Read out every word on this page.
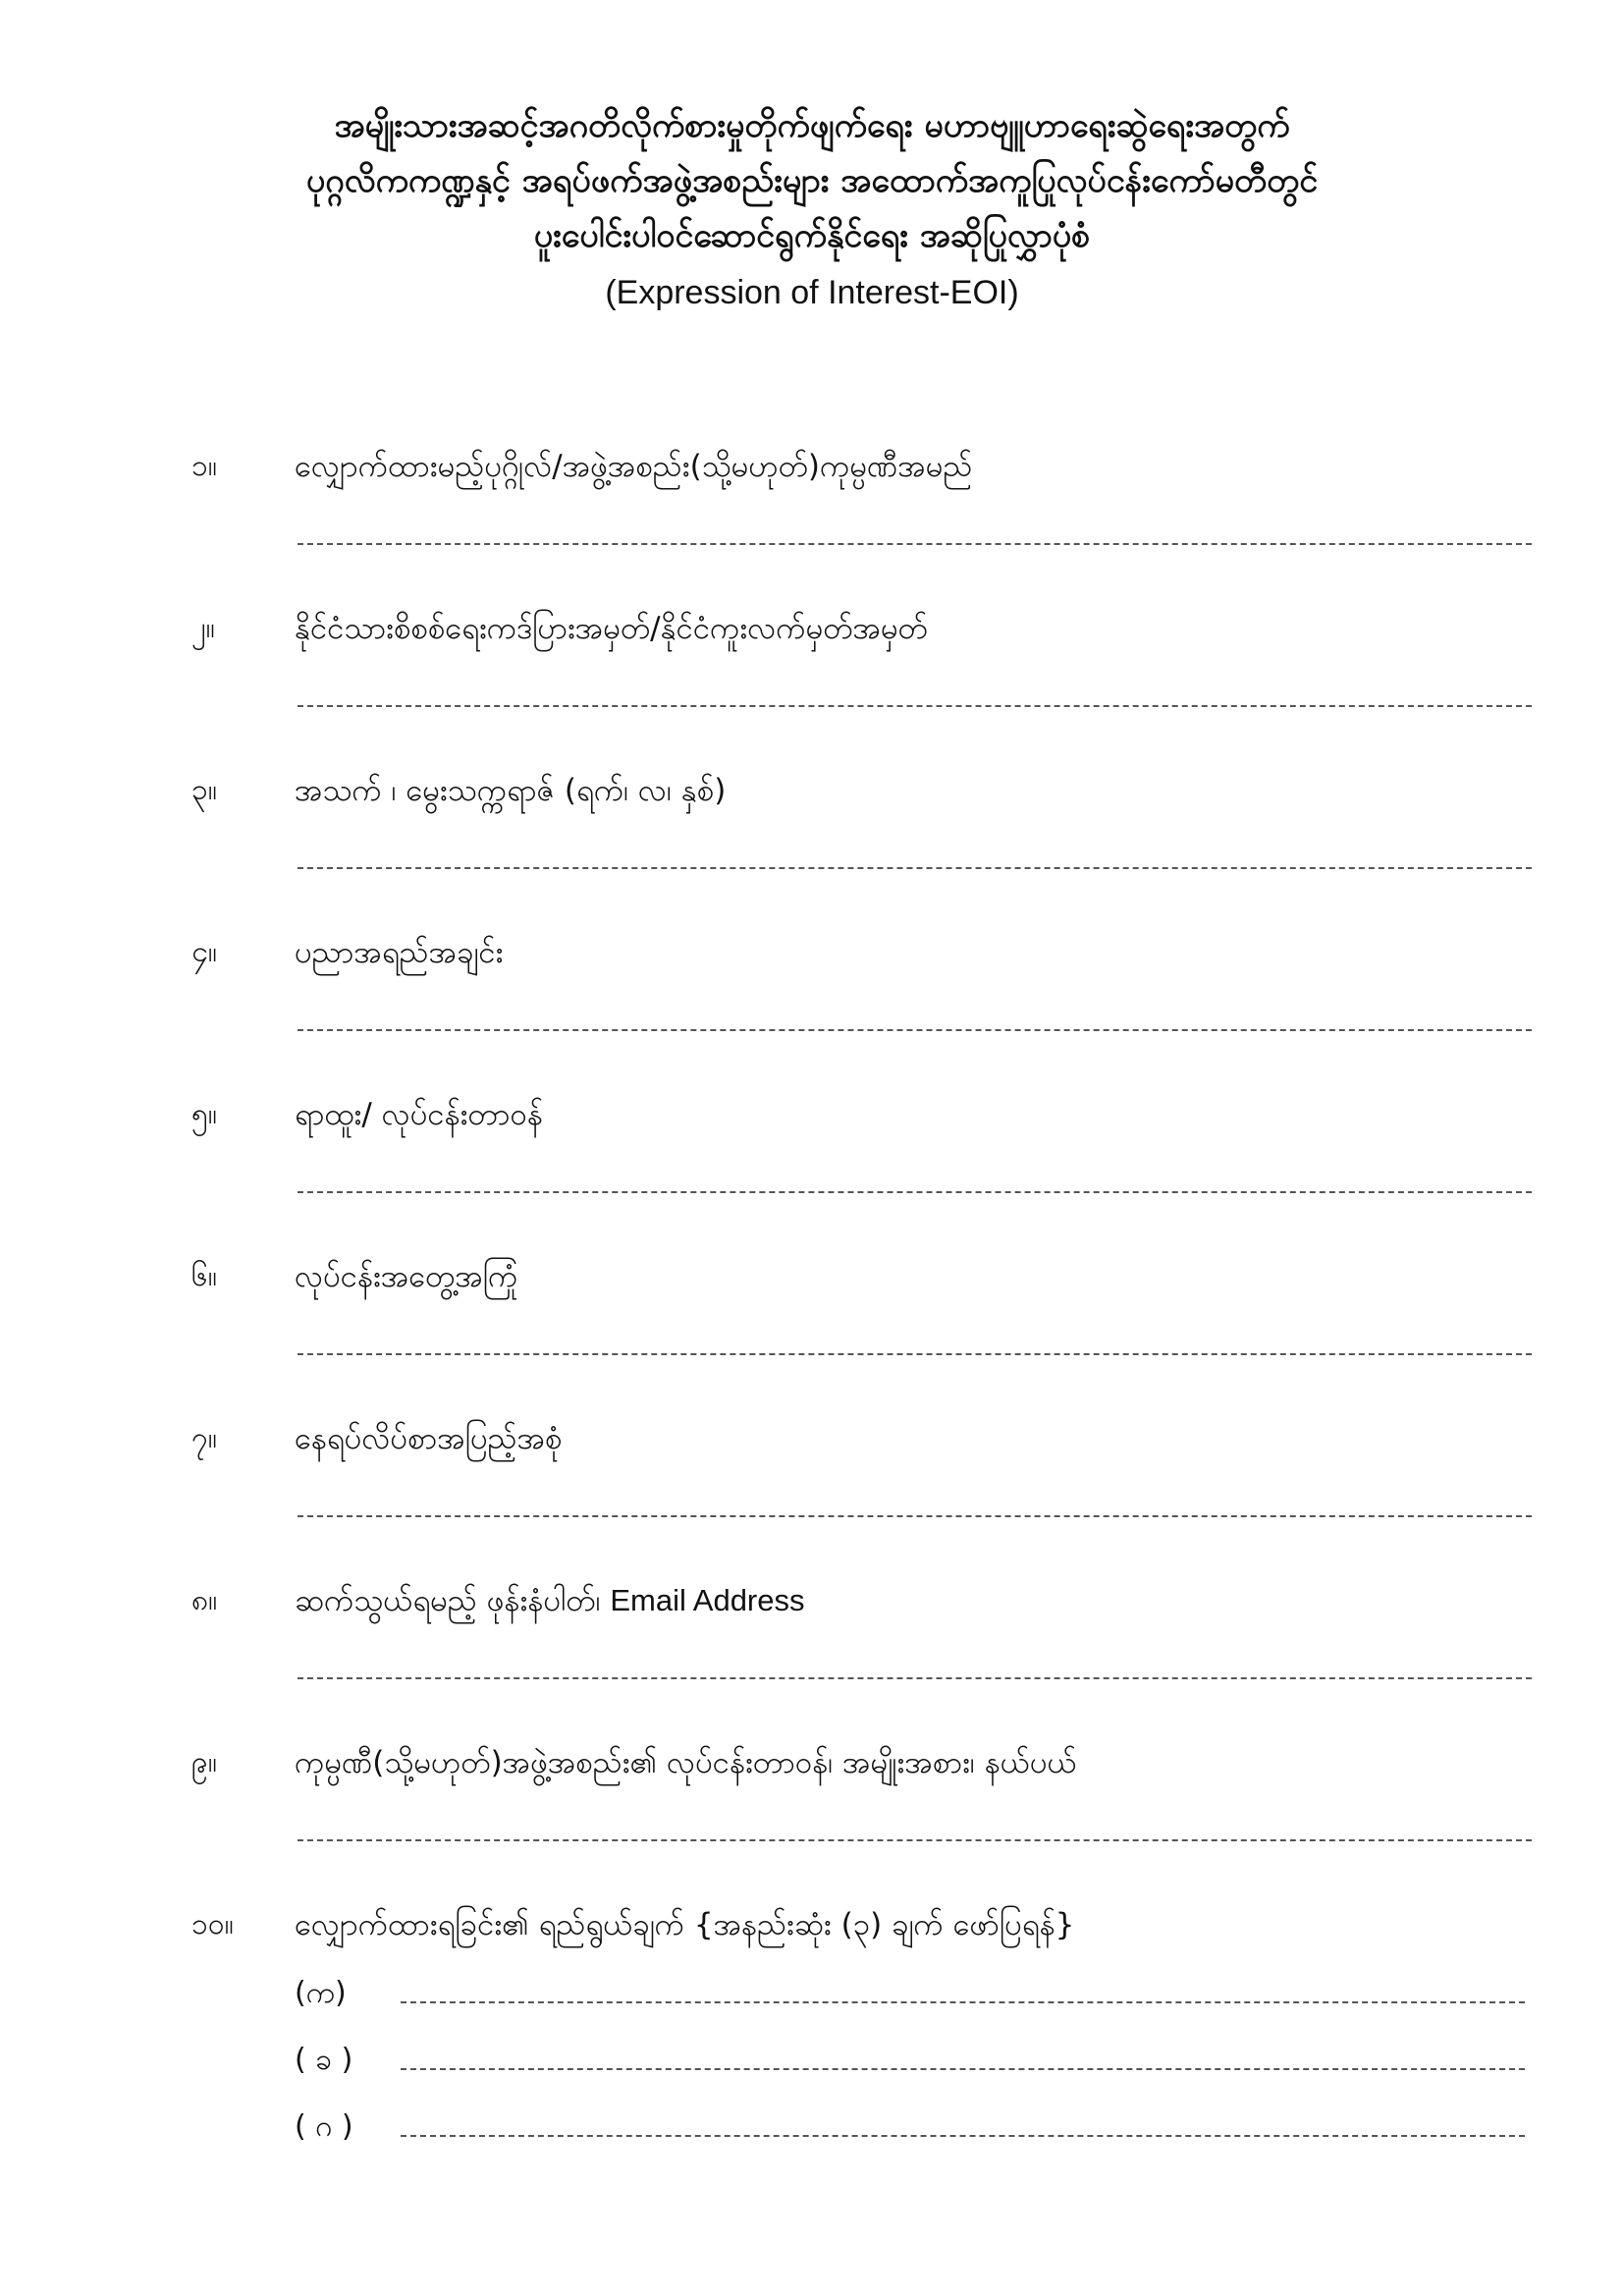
အမျိုးသားအဆင့်အဂတိလိုက်စားမှုတိုက်ဖျက်ရေး မဟာဗျူဟာရေးဆွဲရေးအတွက်
ပုဂ္ဂလိကကဏ္ဍနှင့် အရပ်ဖက်အဖွဲ့အစည်းများ အထောက်အကူပြုလုပ်ငန်းကော်မတီတွင်
ပူးပေါင်းပါဝင်ဆောင်ရွက်နိုင်ရေး အဆိုပြုလွှာပုံစံ
(Expression of Interest-EOI)
၁။	လျှောက်ထားမည့်ပုဂ္ဂိုလ်/အဖွဲ့အစည်း(သို့မဟုတ်)ကုမ္ပဏီအမည်
၂။	နိုင်ငံသားစိစစ်ရေးကဒ်ပြားအမှတ်/နိုင်ငံကူးလက်မှတ်အမှတ်
၃။	အသက် ၊ မွေးသက္ကရာဇ် (ရက်၊ လ၊ နှစ်)
၄။	ပညာအရည်အချင်း
၅။	ရာထူး/ လုပ်ငန်းတာဝန်
၆။	လုပ်ငန်းအတွေ့အကြုံ
၇။	နေရပ်လိပ်စာအပြည့်အစုံ
၈။	ဆက်သွယ်ရမည့် ဖုန်းနံပါတ်၊ Email Address
၉။	ကုမ္ပဏီ(သို့မဟုတ်)အဖွဲ့အစည်း၏ လုပ်ငန်းတာဝန်၊ အမျိုးအစား၊ နယ်ပယ်
၁၀။	လျှောက်ထားရခြင်း၏ ရည်ရွယ်ချက် {အနည်းဆုံး (၃) ချက် ဖော်ပြရန်}
(က)
( ခ )
( ဂ )
